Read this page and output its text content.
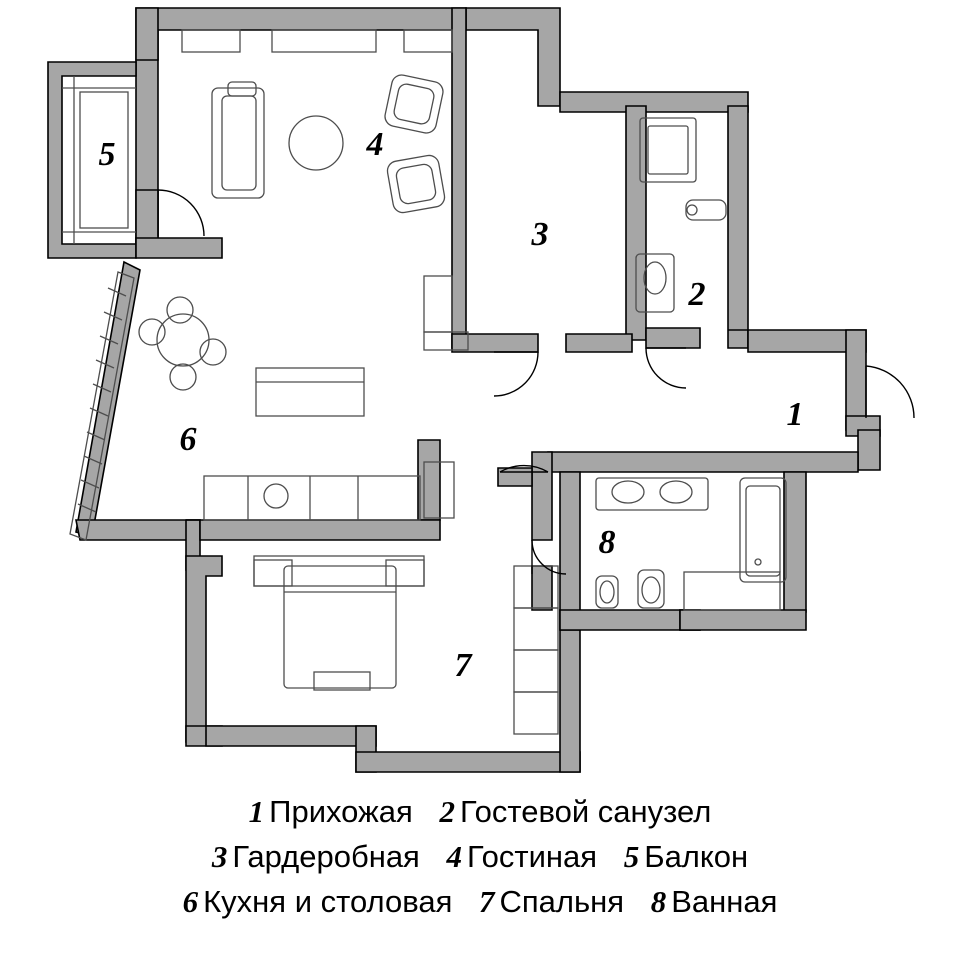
1
2
3
4
5
6
7
8
1 Прихожая 2 Гостевой санузел
3 Гардеробная 4 Гостиная 5 Балкон
6 Кухня и столовая 7 Спальня 8 Ванная
